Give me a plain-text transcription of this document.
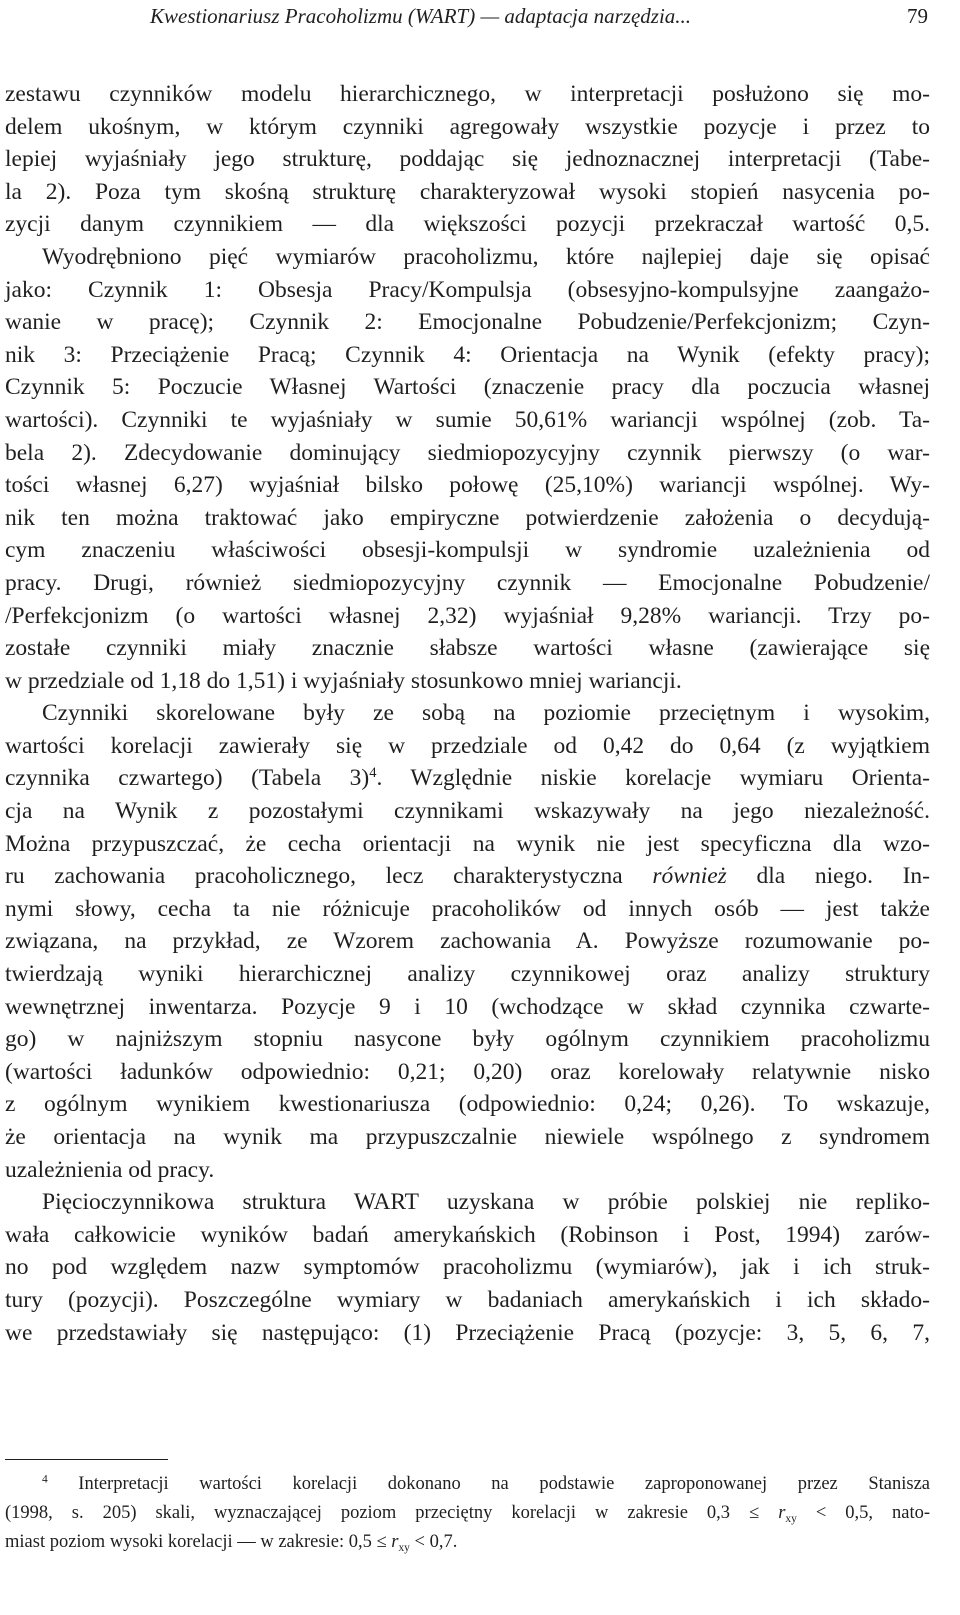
Kwestionariusz Pracoholizmu (WART) — adaptacja narzędzia...	79
zestawu czynników modelu hierarchicznego, w interpretacji posłużono się mo-
delem ukośnym, w którym czynniki agregowały wszystkie pozycje i przez to
lepiej wyjaśniały jego strukturę, poddając się jednoznacznej interpretacji (Tabe-
la 2). Poza tym skośną strukturę charakteryzował wysoki stopień nasycenia po-
zycji danym czynnikiem — dla większości pozycji przekraczał wartość 0,5.
Wyodrębniono pięć wymiarów pracoholizmu, które najlepiej daje się opisać
jako: Czynnik 1: Obsesja Pracy/Kompulsja (obsesyjno-kompulsyjne zaangażo-
wanie w pracę); Czynnik 2: Emocjonalne Pobudzenie/Perfekcjonizm; Czyn-
nik 3: Przeciążenie Pracą; Czynnik 4: Orientacja na Wynik (efekty pracy);
Czynnik 5: Poczucie Własnej Wartości (znaczenie pracy dla poczucia własnej
wartości). Czynniki te wyjaśniały w sumie 50,61% wariancji wspólnej (zob. Ta-
bela 2). Zdecydowanie dominujący siedmiopozycyjny czynnik pierwszy (o war-
tości własnej 6,27) wyjaśniał bilsko połowę (25,10%) wariancji wspólnej. Wy-
nik ten można traktować jako empiryczne potwierdzenie założenia o decydują-
cym znaczeniu właściwości obsesji-kompulsji w syndromie uzależnienia od
pracy. Drugi, również siedmiopozycyjny czynnik — Emocjonalne Pobudzenie/
/Perfekcjonizm (o wartości własnej 2,32) wyjaśniał 9,28% wariancji. Trzy po-
zostałe czynniki miały znacznie słabsze wartości własne (zawierające się
w przedziale od 1,18 do 1,51) i wyjaśniały stosunkowo mniej wariancji.
Czynniki skorelowane były ze sobą na poziomie przeciętnym i wysokim,
wartości korelacji zawierały się w przedziale od 0,42 do 0,64 (z wyjątkiem
czynnika czwartego) (Tabela 3)$^4$. Względnie niskie korelacje wymiaru Orienta-
cja na Wynik z pozostałymi czynnikami wskazywały na jego niezależność.
Można przypuszczać, że cecha orientacji na wynik nie jest specyficzna dla wzo-
ru zachowania pracoholicznego, lecz charakterystyczna również dla niego. In-
nymi słowy, cecha ta nie różnicuje pracoholików od innych osób — jest także
związana, na przykład, ze Wzorem zachowania A. Powyższe rozumowanie po-
twierdzają wyniki hierarchicznej analizy czynnikowej oraz analizy struktury
wewnętrznej inwentarza. Pozycje 9 i 10 (wchodzące w skład czynnika czwarte-
go) w najniższym stopniu nasycone były ogólnym czynnikiem pracoholizmu
(wartości ładunków odpowiednio: 0,21; 0,20) oraz korelowały relatywnie nisko
z ogólnym wynikiem kwestionariusza (odpowiednio: 0,24; 0,26). To wskazuje,
że orientacja na wynik ma przypuszczalnie niewiele wspólnego z syndromem
uzależnienia od pracy.
Pięcioczynnikowa struktura WART uzyskana w próbie polskiej nie repliko-
wała całkowicie wyników badań amerykańskich (Robinson i Post, 1994) zarów-
no pod względem nazw symptomów pracoholizmu (wymiarów), jak i ich struk-
tury (pozycji). Poszczególne wymiary w badaniach amerykańskich i ich składo-
we przedstawiały się następująco: (1) Przeciążenie Pracą (pozycje: 3, 5, 6, 7,
$^4$ Interpretacji wartości korelacji dokonano na podstawie zaproponowanej przez Stanisza
(1998, s. 205) skali, wyznaczającej poziom przeciętny korelacji w zakresie $0,3 \le r_{xy} < 0,5$, nato-
miast poziom wysoki korelacji — w zakresie: $0,5 \le r_{xy} < 0,7$.
